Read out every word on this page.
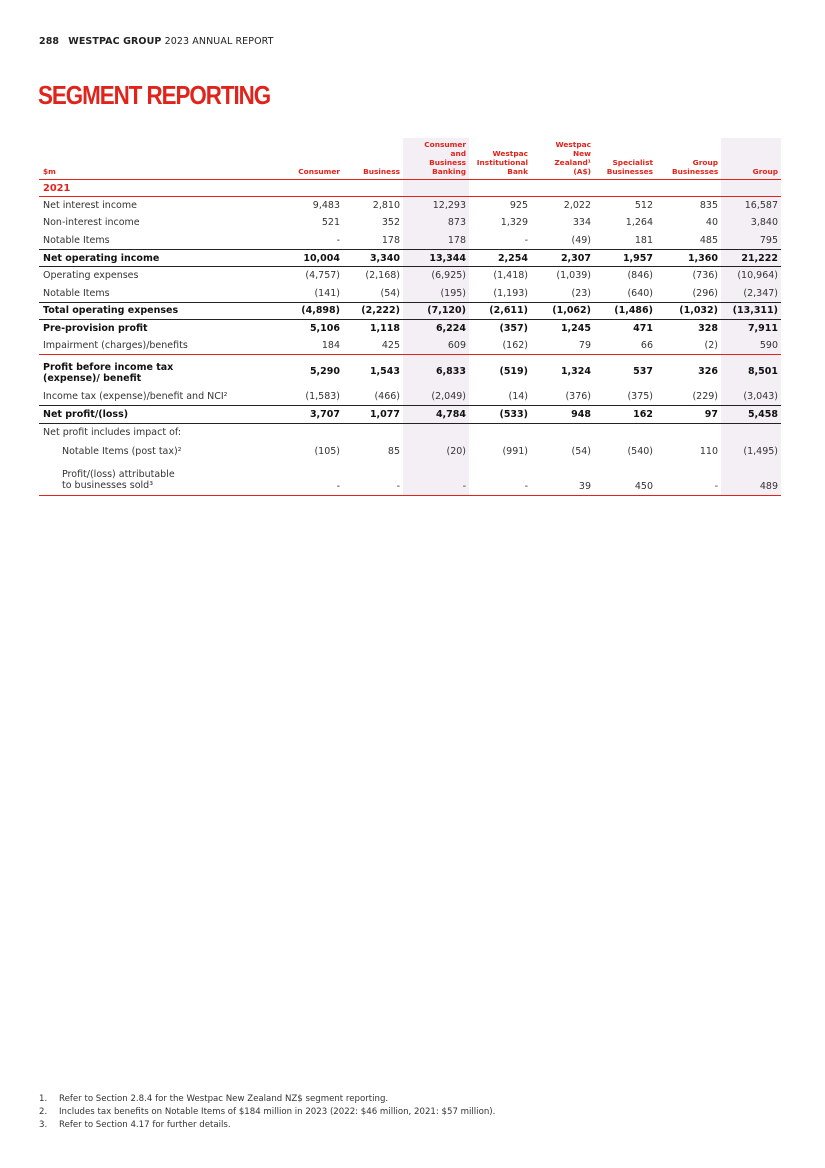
288 WESTPAC GROUP 2023 ANNUAL REPORT
SEGMENT REPORTING
$m	Consumer	Business	Consumer and Business Banking	Westpac Institutional Bank	Westpac New Zealand¹ (A$)	Specialist Businesses	Group Businesses	Group
2021								
Net interest income	9,483	2,810	12,293	925	2,022	512	835	16,587
Non-interest income	521	352	873	1,329	334	1,264	40	3,840
Notable Items	-	178	178	-	(49)	181	485	795
Net operating income	10,004	3,340	13,344	2,254	2,307	1,957	1,360	21,222
Operating expenses	(4,757)	(2,168)	(6,925)	(1,418)	(1,039)	(846)	(736)	(10,964)
Notable Items	(141)	(54)	(195)	(1,193)	(23)	(640)	(296)	(2,347)
Total operating expenses	(4,898)	(2,222)	(7,120)	(2,611)	(1,062)	(1,486)	(1,032)	(13,311)
Pre-provision profit	5,106	1,118	6,224	(357)	1,245	471	328	7,911
Impairment (charges)/benefits	184	425	609	(162)	79	66	(2)	590
Profit before income tax (expense)/ benefit	5,290	1,543	6,833	(519)	1,324	537	326	8,501
Income tax (expense)/benefit and NCI²	(1,583)	(466)	(2,049)	(14)	(376)	(375)	(229)	(3,043)
Net profit/(loss)	3,707	1,077	4,784	(533)	948	162	97	5,458
Net profit includes impact of:								
Notable Items (post tax)²	(105)	85	(20)	(991)	(54)	(540)	110	(1,495)
Profit/(loss) attributable to businesses sold³	-	-	-	-	39	450	-	489
1.	Refer to Section 2.8.4 for the Westpac New Zealand NZ$ segment reporting.
2.	Includes tax benefits on Notable Items of $184 million in 2023 (2022: $46 million, 2021: $57 million).
3.	Refer to Section 4.17 for further details.
